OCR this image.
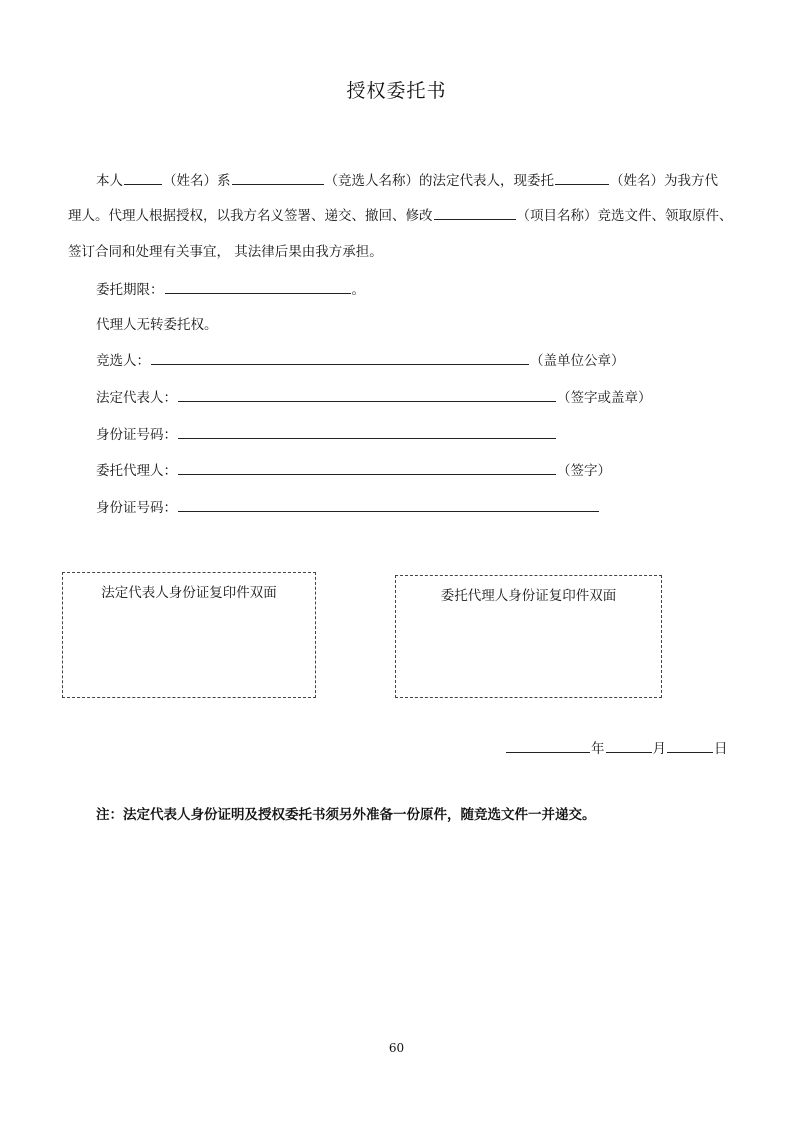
授权委托书
本人	（姓名）系	（竞选人名称）的法定代表人，现委托	（姓名）为我方代
理人。代理人根据授权，以我方名义签署、递交、撤回、修改	（项目名称）竞选文件、领取原件、
签订合同和处理有关事宜， 其法律后果由我方承担。
委托期限：	。
代理人无转委托权。
竞选人：	（盖单位公章）
法定代表人：	（签字或盖章）
身份证号码：
委托代理人：	（签字）
身份证号码：
法定代表人身份证复印件双面	委托代理人身份证复印件双面
年	月	日
注：法定代表人身份证明及授权委托书须另外准备一份原件，随竞选文件一并递交。
60
